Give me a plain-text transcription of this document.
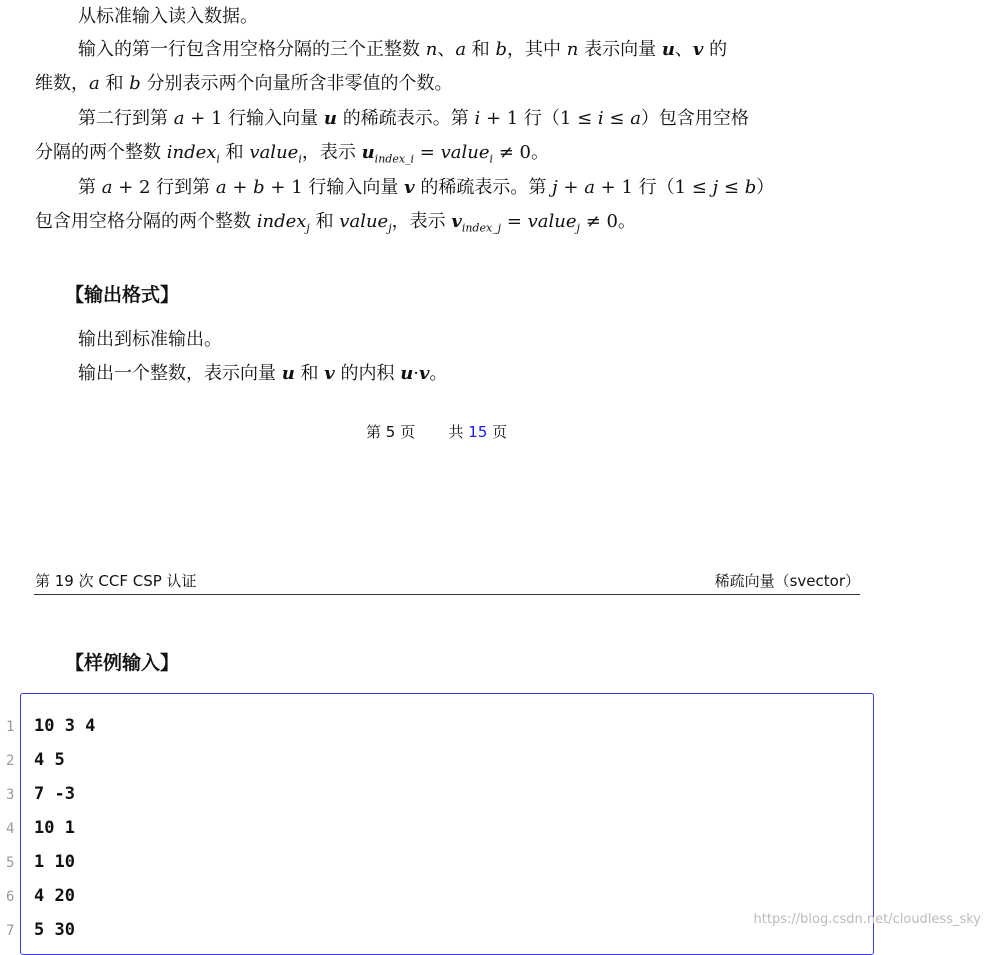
从标准输入读入数据。
输入的第一行包含用空格分隔的三个正整数 n、a 和 b，其中 n 表示向量 u、v 的
维数，a 和 b 分别表示两个向量所含非零值的个数。
第二行到第 a + 1 行输入向量 u 的稀疏表示。第 i + 1 行（1 ≤ i ≤ a）包含用空格
分隔的两个整数 index$_i$ 和 value$_i$，表示 $u_{index\_i}$ = value$_i$ ≠ 0。
第 a + 2 行到第 a + b + 1 行输入向量 v 的稀疏表示。第 j + a + 1 行（1 ≤ j ≤ b）
包含用空格分隔的两个整数 index$_j$ 和 value$_j$，表示 $v_{index\_j}$ = value$_j$ ≠ 0。
输出到标准输出。
输出一个整数，表示向量 u 和 v 的内积 u·v。
【输出格式】
第 5 页 共 15 页
第 19 次 CCF CSP 认证	稀疏向量（svector）
【样例输入】
1 10 3 4
2 4 5
3 7 -3
4 10 1
5 1 10
6 4 20
7 5 30
https://blog.csdn.net/cloudless_sky
